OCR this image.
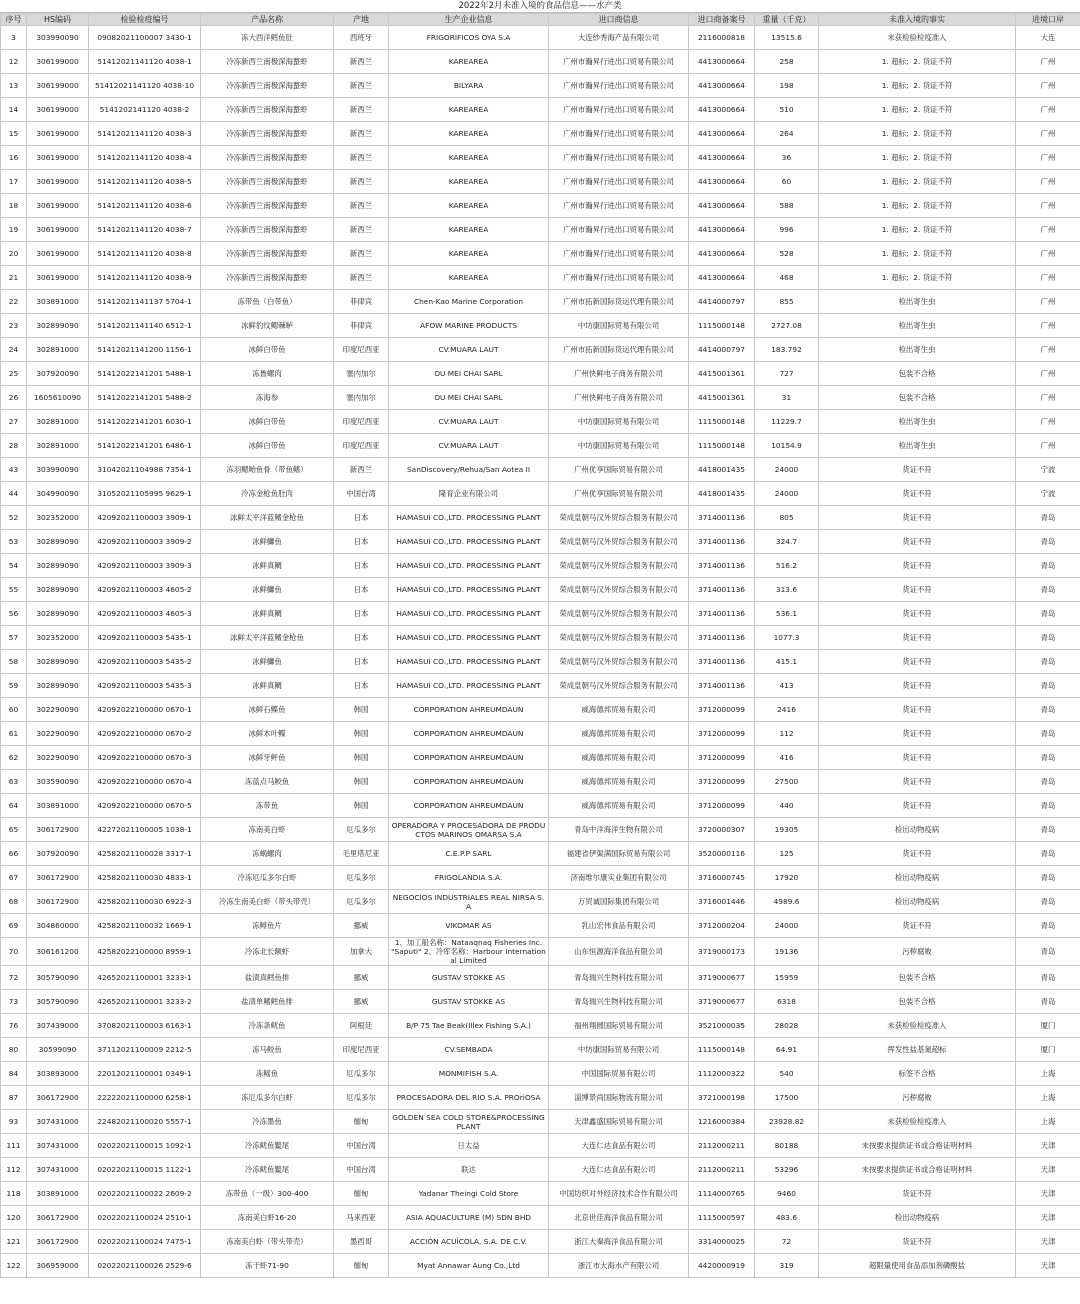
2022年2月未准入境的食品信息——水产类
序号	HS编码	检验检疫编号	产品名称	产地	生产企业信息	进口商信息	进口商备案号	重量（千克）	未准入境的事实	进境口岸
3	303990090	09082021100007 3430-1	冻大西洋鳕鱼肚	西班牙	FRIGORIFICOS OYA S.A	大连紗秀海产品有限公司	2116000818	13515.6	未获检验检疫准入	大连
12	306199000	51412021141120 4038-1	冷冻新西兰南极深海螯虾	新西兰	KAREAREA	广州市瀚昇行进出口贸易有限公司	4413000664	258	1. 超标；2. 货证不符	广州
13	306199000	51412021141120 4038-10	冷冻新西兰南极深海螯虾	新西兰	BILYARA	广州市瀚昇行进出口贸易有限公司	4413000664	198	1. 超标；2. 货证不符	广州
14	306199000	5141202141120 4038-2	冷冻新西兰南极深海螯虾	新西兰	KAREAREA	广州市瀚昇行进出口贸易有限公司	4413000664	510	1. 超标；2. 货证不符	广州
15	306199000	51412021141120 4038-3	冷冻新西兰南极深海螯虾	新西兰	KAREAREA	广州市瀚昇行进出口贸易有限公司	4413000664	264	1. 超标；2. 货证不符	广州
16	306199000	51412021141120 4038-4	冷冻新西兰南极深海螯虾	新西兰	KAREAREA	广州市瀚昇行进出口贸易有限公司	4413000664	36	1. 超标；2. 货证不符	广州
17	306199000	51412021141120 4038-5	冷冻新西兰南极深海螯虾	新西兰	KAREAREA	广州市瀚昇行进出口贸易有限公司	4413000664	60	1. 超标；2. 货证不符	广州
18	306199000	51412021141120 4038-6	冷冻新西兰南极深海螯虾	新西兰	KAREAREA	广州市瀚昇行进出口贸易有限公司	4413000664	588	1. 超标；2. 货证不符	广州
19	306199000	51412021141120 4038-7	冷冻新西兰南极深海螯虾	新西兰	KAREAREA	广州市瀚昇行进出口贸易有限公司	4413000664	996	1. 超标；2. 货证不符	广州
20	306199000	51412021141120 4038-8	冷冻新西兰南极深海螯虾	新西兰	KAREAREA	广州市瀚昇行进出口贸易有限公司	4413000664	528	1. 超标；2. 货证不符	广州
21	306199000	51412021141120 4038-9	冷冻新西兰南极深海螯虾	新西兰	KAREAREA	广州市瀚昇行进出口贸易有限公司	4413000664	468	1. 超标；2. 货证不符	广州
22	303891000	51412021141137 5704-1	冻带鱼（白带鱼）	菲律宾	Chen-Kao Marine Corporation	广州市拓新国际货运代理有限公司	4414000797	855	检出寄生虫	广州
23	302899090	51412021141140 6512-1	冰鲜豹纹鳃棘鲈	菲律宾	AFOW MARINE PRODUCTS	中坊康国际贸易有限公司	1115000148	2727.08	检出寄生虫	广州
24	302891000	51412021141200 1156-1	冰鲜白带鱼	印度尼西亚	CV.MUARA LAUT	广州市拓新国际货运代理有限公司	4414000797	183.792	检出寄生虫	广州
25	307920090	51412022141201 5488-1	冻鲁螺肉	塞内加尔	OU MEI CHAI SARL	广州快鲜电子商务有限公司	4415001361	727	包装不合格	广州
26	1605610090	51412022141201 5488-2	冻海参	塞内加尔	OU MEI CHAI SARL	广州快鲜电子商务有限公司	4415001361	31	包装不合格	广州
27	302891000	51412022141201 6030-1	冰鲜白带鱼	印度尼西亚	CV.MUARA LAUT	中坊康国际贸易有限公司	1115000148	11229.7	检出寄生虫	广州
28	302891000	51412022141201 6486-1	冰鲜白带鱼	印度尼西亚	CV.MUARA LAUT	中坊康国际贸易有限公司	1115000148	10154.9	检出寄生虫	广州
43	303990090	31042021104988 7354-1	冻羽鳃鲐鱼骨（带鱼鳍）	新西兰	SanDiscovery/Rehua/San Aotea II	广州优享国际贸易有限公司	4418001435	24000	货证不符	宁波
44	304990090	31052021105995 9629-1	冷冻金枪鱼肚肉	中国台湾	隆育企业有限公司	广州优享国际贸易有限公司	4418001435	24000	货证不符	宁波
52	302352000	42092021100003 3909-1	冰鲜太平洋蓝鳍金枪鱼	日本	HAMASUI CO.,LTD. PROCESSING PLANT	荣成皇朝马汉外贸综合服务有限公司	3714001136	805	货证不符	青岛
53	302899090	42092021100003 3909-2	冰鲜鰤鱼	日本	HAMASUI CO.,LTD. PROCESSING PLANT	荣成皇朝马汉外贸综合服务有限公司	3714001136	324.7	货证不符	青岛
54	302899090	42092021100003 3909-3	冰鲜真鲷	日本	HAMASUI CO.,LTD. PROCESSING PLANT	荣成皇朝马汉外贸综合服务有限公司	3714001136	516.2	货证不符	青岛
55	302899090	42092021100003 4605-2	冰鲜鰤鱼	日本	HAMASUI CO.,LTD. PROCESSING PLANT	荣成皇朝马汉外贸综合服务有限公司	3714001136	313.6	货证不符	青岛
56	302899090	42092021100003 4605-3	冰鲜真鲷	日本	HAMASUI CO.,LTD. PROCESSING PLANT	荣成皇朝马汉外贸综合服务有限公司	3714001136	536.1	货证不符	青岛
57	302352000	42092021100003 5435-1	冰鲜太平洋蓝鳍金枪鱼	日本	HAMASUI CO.,LTD. PROCESSING PLANT	荣成皇朝马汉外贸综合服务有限公司	3714001136	1077.3	货证不符	青岛
58	302899090	42092021100003 5435-2	冰鲜鰤鱼	日本	HAMASUI CO.,LTD. PROCESSING PLANT	荣成皇朝马汉外贸综合服务有限公司	3714001136	415.1	货证不符	青岛
59	302899090	42092021100003 5435-3	冰鲜真鲷	日本	HAMASUI CO.,LTD. PROCESSING PLANT	荣成皇朝马汉外贸综合服务有限公司	3714001136	413	货证不符	青岛
60	302290090	42092022100000 0670-1	冰鲜石鲽鱼	韩国	CORPORATION AHREUMDAUN	威海德邦贸易有限公司	3712000099	2416	货证不符	青岛
61	302290090	42092022100000 0670-2	冰鲜木叶鲽	韩国	CORPORATION AHREUMDAUN	威海德邦贸易有限公司	3712000099	112	货证不符	青岛
62	302290090	42092022100000 0670-3	冰鲜牙鲆鱼	韩国	CORPORATION AHREUMDAUN	威海德邦贸易有限公司	3712000099	416	货证不符	青岛
63	303590090	42092022100000 0670-4	冻蓝点马鲛鱼	韩国	CORPORATION AHREUMDAUN	威海德邦贸易有限公司	3712000099	27500	货证不符	青岛
64	303891000	42092022100000 0670-5	冻带鱼	韩国	CORPORATION AHREUMDAUN	威海德邦贸易有限公司	3712000099	440	货证不符	青岛
65	306172900	42272021100005 1038-1	冻南美白虾	厄瓜多尔	OPERADORA Y PROCESADORA DE PRODUCTOS MARINOS OMARSA S.A	青岛中洋海洋生物有限公司	3720000307	19305	检出动物疫病	青岛
66	307920090	42582021100028 3317-1	冻蜗螺肉	毛里塔尼亚	C.E.P.P SARL	福建省伊渠满国际贸易有限公司	3520000116	125	货证不符	青岛
67	306172900	42582021100030 4833-1	冷冻厄瓜多尔白虾	厄瓜多尔	FRIGOLANDIA S.A.	济南维尔康实业集团有限公司	3716000745	17920	检出动物疫病	青岛
68	306172900	42582021100030 6922-3	冷冻生南美白虾（带头带壳）	厄瓜多尔	NEGOCIOS INDUSTRIALES REAL NIRSA S.A	万贸诚国际集团有限公司	3716001446	4989.6	检出动物疫病	青岛
69	304860000	42582021100032 1669-1	冻鲱鱼片	挪威	VIKOMAR AS	乳山宏伟食品有限公司	3712000204	24000	货证不符	青岛
70	306161200	42582022100000 8959-1	冷冻北长额虾	加拿大	1、加工船名称：Nataaqnaq Fisheries Inc. "Saputi" 2、冷库名称：Harbour International Limited	山东恒源海洋食品有限公司	3719000173	19136	污秽腐败	青岛
72	305790090	42652021100001 3233-1	盐渍真鳕鱼排	挪威	GUSTAV STOKKE AS	青岛瑞兴生物科技有限公司	3719000677	15959	包装不合格	青岛
73	305790090	42652021100001 3233-2	盐渍单鳍鳕鱼排	挪威	GUSTAV STOKKE AS	青岛瑞兴生物科技有限公司	3719000677	6318	包装不合格	青岛
76	307439000	37082021100003 6163-1	冷冻条鱿鱼	阿根廷	B/P 75 Tae Beak(Illex Fishing S.A.)	福州翔圆国际贸易有限公司	3521000035	28028	未获检验检疫准入	厦门
80	30599090	37112021100009 2212-5	冻马鲛鱼	印度尼西亚	CV.SEMBADA	中坊康国际贸易有限公司	1115000148	64.91	挥发性盐基氮超标	厦门
84	303893000	22012021100001 0349-1	冻鳐鱼	厄瓜多尔	MONMIFISH S.A.	中国国际贸易有限公司	1112000322	540	标签不合格	上海
87	306172900	22222021100000 6258-1	冻厄瓜多尔白虾	厄瓜多尔	PROCESADORA DEL RIO S.A. PROriOSA	淄博景尚国际物流有限公司	3721000198	17500	污秽腐败	上海
93	307431000	22482021100020 5557-1	冷冻墨鱼	缅甸	GOLDEN SEA COLD STORE&PROCESSING PLANT	天津鑫盛国际贸易有限公司	1216000384	23928.82	未获检验检疫准入	上海
111	307431000	02022021100015 1092-1	冷冻鱿鱼鳘尾	中国台湾	日太益	大连仁达食品有限公司	2112000211	80188	未按要求提供证书或合格证明材料	天津
112	307431000	02022021100015 1122-1	冷冻鱿鱼鳘尾	中国台湾	联达	大连仁达食品有限公司	2112000211	53296	未按要求提供证书或合格证明材料	天津
118	303891000	02022021100022 2609-2	冻带鱼（一级）300-400	缅甸	Yadanar Theingi Cold Store	中国坊织对外经济技术合作有限公司	1114000765	9460	货证不符	天津
120	306172900	02022021100024 2510-1	冻南美白虾16-20	马来西亚	ASIA AQUACULTURE (M) SDN BHD	北京世佳海洋食品有限公司	1115000597	483.6	检出动物疫病	天津
121	306172900	02022021100024 7475-1	冻南美白虾（带头带壳）	墨西哥	ACCIÓN ACUÍCOLA, S.A. DE C.V.	浙江大秦海洋食品有限公司	3314000025	72	货证不符	天津
122	306959000	02022021100026 2529-6	冻干虾71-90	缅甸	Myat Annawar Aung Co.,Ltd	浙江市大海水产有限公司	4420000919	319	超限量使用食品添加剂磷酸盐	天津
